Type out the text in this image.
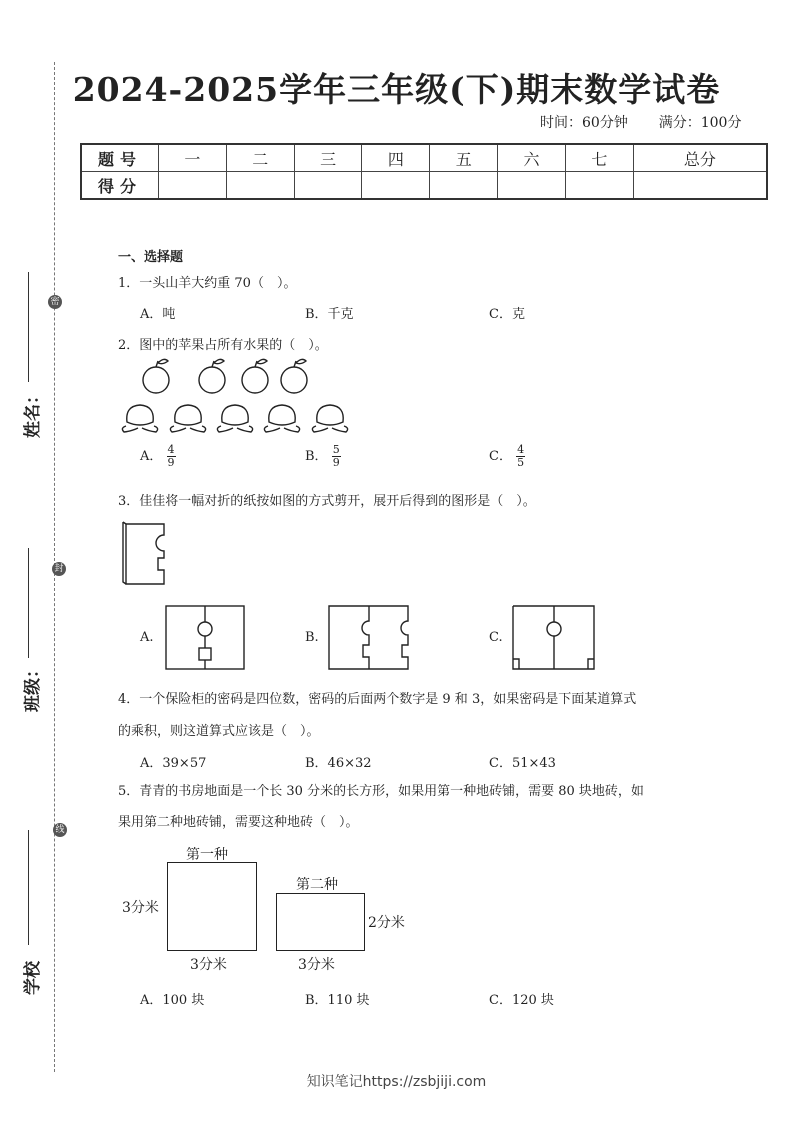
密
封
线
姓名：
班级：
学校
2024-2025学年三年级(下)期末数学试卷
时间：60分钟 满分：100分
题号	一	二	三	四	五	六	七	总分
得分								
一、选择题
1．一头山羊大约重 70（　）。
A．吨	B．千克	C．克
2．图中的苹果占所有水果的（　）。
A． $\frac{4}{9}$	B． $\frac{5}{9}$	C． $\frac{4}{5}$
3．佳佳将一幅对折的纸按如图的方式剪开，展开后得到的图形是（　）。
A.	B.	C.
4．一个保险柜的密码是四位数，密码的后面两个数字是 9 和 3，如果密码是下面某道算式
的乘积，则这道算式应该是（　）。
A．39×57	B．46×32	C．51×43
5．青青的书房地面是一个长 30 分米的长方形，如果用第一种地砖铺，需要 80 块地砖，如
果用第二种地砖铺，需要这种地砖（　）。
第一种
3分米
3分米
第二种
2分米
3分米
A．100 块	B．110 块	C．120 块
知识笔记https://zsbjiji.com
